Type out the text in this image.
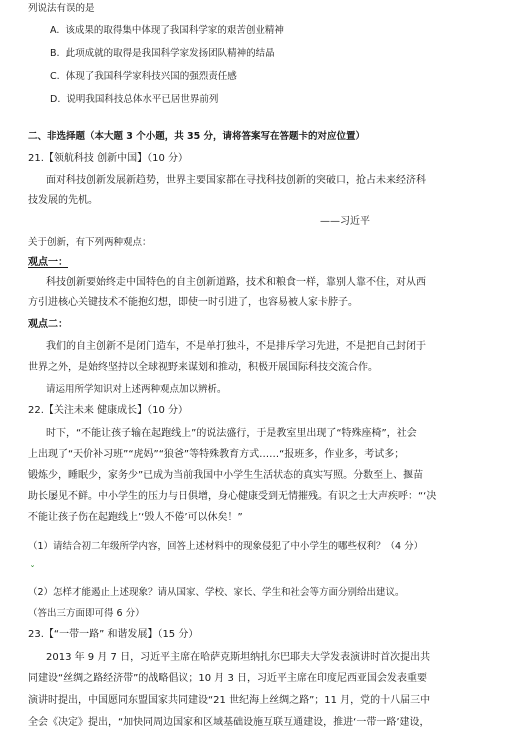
列说法有误的是
A. 该成果的取得集中体现了我国科学家的艰苦创业精神
B. 此项成就的取得是我国科学家发扬团队精神的结晶
C. 体现了我国科学家科技兴国的强烈责任感
D. 说明我国科技总体水平已居世界前列
二、非选择题（本大题 3 个小题，共 35 分，请将答案写在答题卡的对应位置）
21.【领航科技 创新中国】（10 分）
面对科技创新发展新趋势，世界主要国家都在寻找科技创新的突破口，抢占未来经济科
技发展的先机。
——习近平
关于创新，有下列两种观点：
观点一：
科技创新要始终走中国特色的自主创新道路，技术和粮食一样，靠别人靠不住，对从西
方引进核心关键技术不能抱幻想，即使一时引进了，也容易被人家卡脖子。
观点二：
我们的自主创新不是闭门造车，不是单打独斗，不是排斥学习先进，不是把自己封闭于
世界之外，是始终坚持以全球视野来谋划和推动，积极开展国际科技交流合作。
请运用所学知识对上述两种观点加以辨析。
22.【关注未来 健康成长】（10 分）
时下，“不能让孩子输在起跑线上”的说法盛行，于是教室里出现了“特殊座椅”，社会
上出现了“天价补习班”“虎妈”“狼爸”等特殊教育方式……“报班多，作业多，考试多；
锻炼少，睡眠少，家务少”已成为当前我国中小学生生活状态的真实写照。分数至上、揠苗
助长屡见不鲜。中小学生的压力与日俱增，身心健康受到无情摧残。有识之士大声疾呼：“‘决
不能让孩子伤在起跑线上’‘毁人不倦’可以休矣！”
（1）请结合初二年级所学内容，回答上述材料中的现象侵犯了中小学生的哪些权利？（4 分）
ˇ
（2）怎样才能遏止上述现象？请从国家、学校、家长、学生和社会等方面分别给出建议。
（答出三方面即可得 6 分）
23.【“一带一路” 和谐发展】（15 分）
2013 年 9 月 7 日，习近平主席在哈萨克斯坦纳扎尔巴耶夫大学发表演讲时首次提出共
同建设“丝绸之路经济带”的战略倡议；10 月 3 日，习近平主席在印度尼西亚国会发表重要
演讲时提出，中国愿同东盟国家共同建设“21 世纪海上丝绸之路”；11 月，党的十八届三中
全会《决定》提出，“加快同周边国家和区域基础设施互联互通建设，推进‘一带一路’建设，
